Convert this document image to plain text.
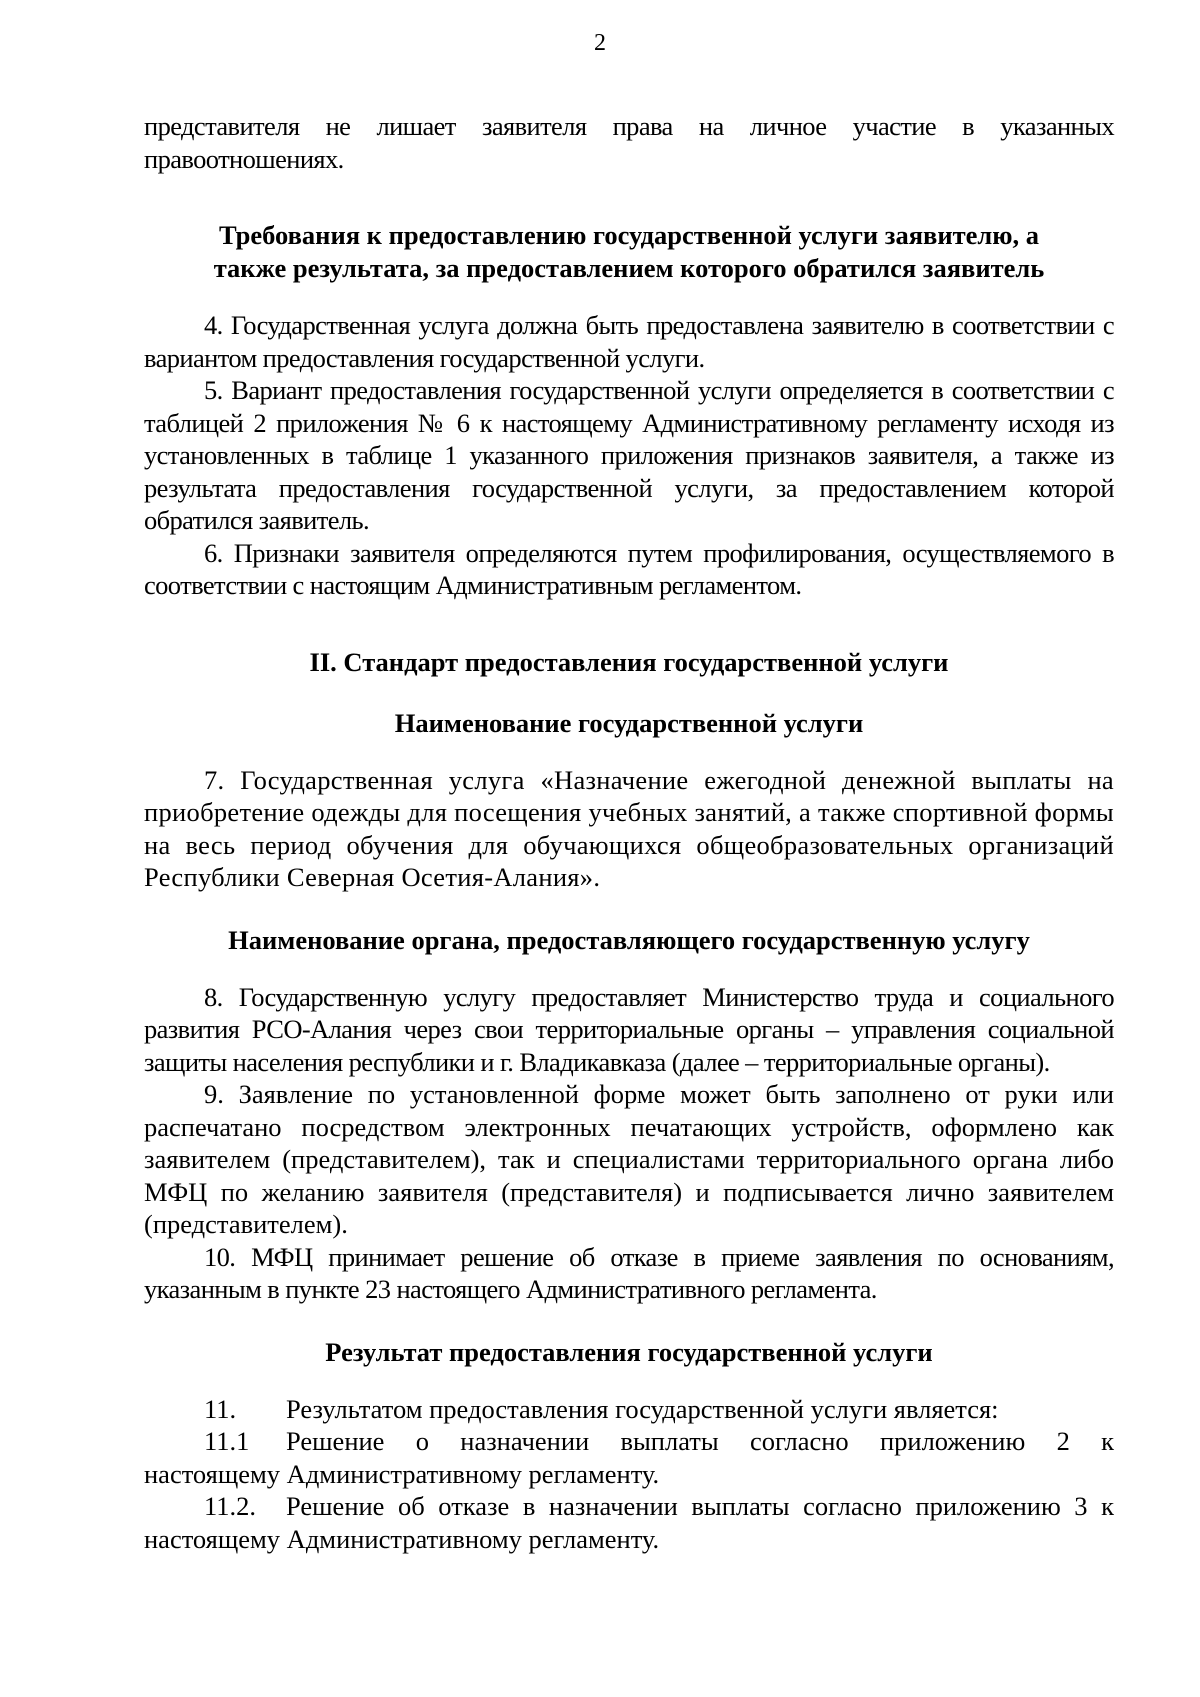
2

представителя не лишает заявителя права на личное участие в указанных правоотношениях.

Требования к предоставлению государственной услуги заявителю, а
также результата, за предоставлением которого обратился заявитель

4. Государственная услуга должна быть предоставлена заявителю в соответствии с вариантом предоставления государственной услуги.

5. Вариант предоставления государственной услуги определяется в соответствии с таблицей 2 приложения № 6 к настоящему Административному регламенту исходя из установленных в таблице 1 указанного приложения признаков заявителя, а также из результата предоставления государственной услуги, за предоставлением которой обратился заявитель.

6. Признаки заявителя определяются путем профилирования, осуществляемого в соответствии с настоящим Административным регламентом.

II. Стандарт предоставления государственной услуги
Наименование государственной услуги

7. Государственная услуга «Назначение ежегодной денежной выплаты на приобретение одежды для посещения учебных занятий, а также спортивной формы на весь период обучения для обучающихся общеобразовательных организаций Республики Северная Осетия-Алания».

Наименование органа, предоставляющего государственную услугу

8. Государственную услугу предоставляет Министерство труда и социального развития РСО-Алания через свои территориальные органы – управления социальной защиты населения республики и г. Владикавказа (далее – территориальные органы).

9. Заявление по установленной форме может быть заполнено от руки или распечатано посредством электронных печатающих устройств, оформлено как заявителем (представителем), так и специалистами территориального органа либо МФЦ по желанию заявителя (представителя) и подписывается лично заявителем (представителем).

10. МФЦ принимает решение об отказе в приеме заявления по основаниям, указанным в пункте 23 настоящего Административного регламента.

Результат предоставления государственной услуги
11.	Результатом предоставления государственной услуги является:
11.1	Решение о назначении выплаты согласно приложению 2 к

настоящему Административному регламенту.

11.2.	Решение об отказе в назначении выплаты согласно приложению 3 к

настоящему Административному регламенту.
